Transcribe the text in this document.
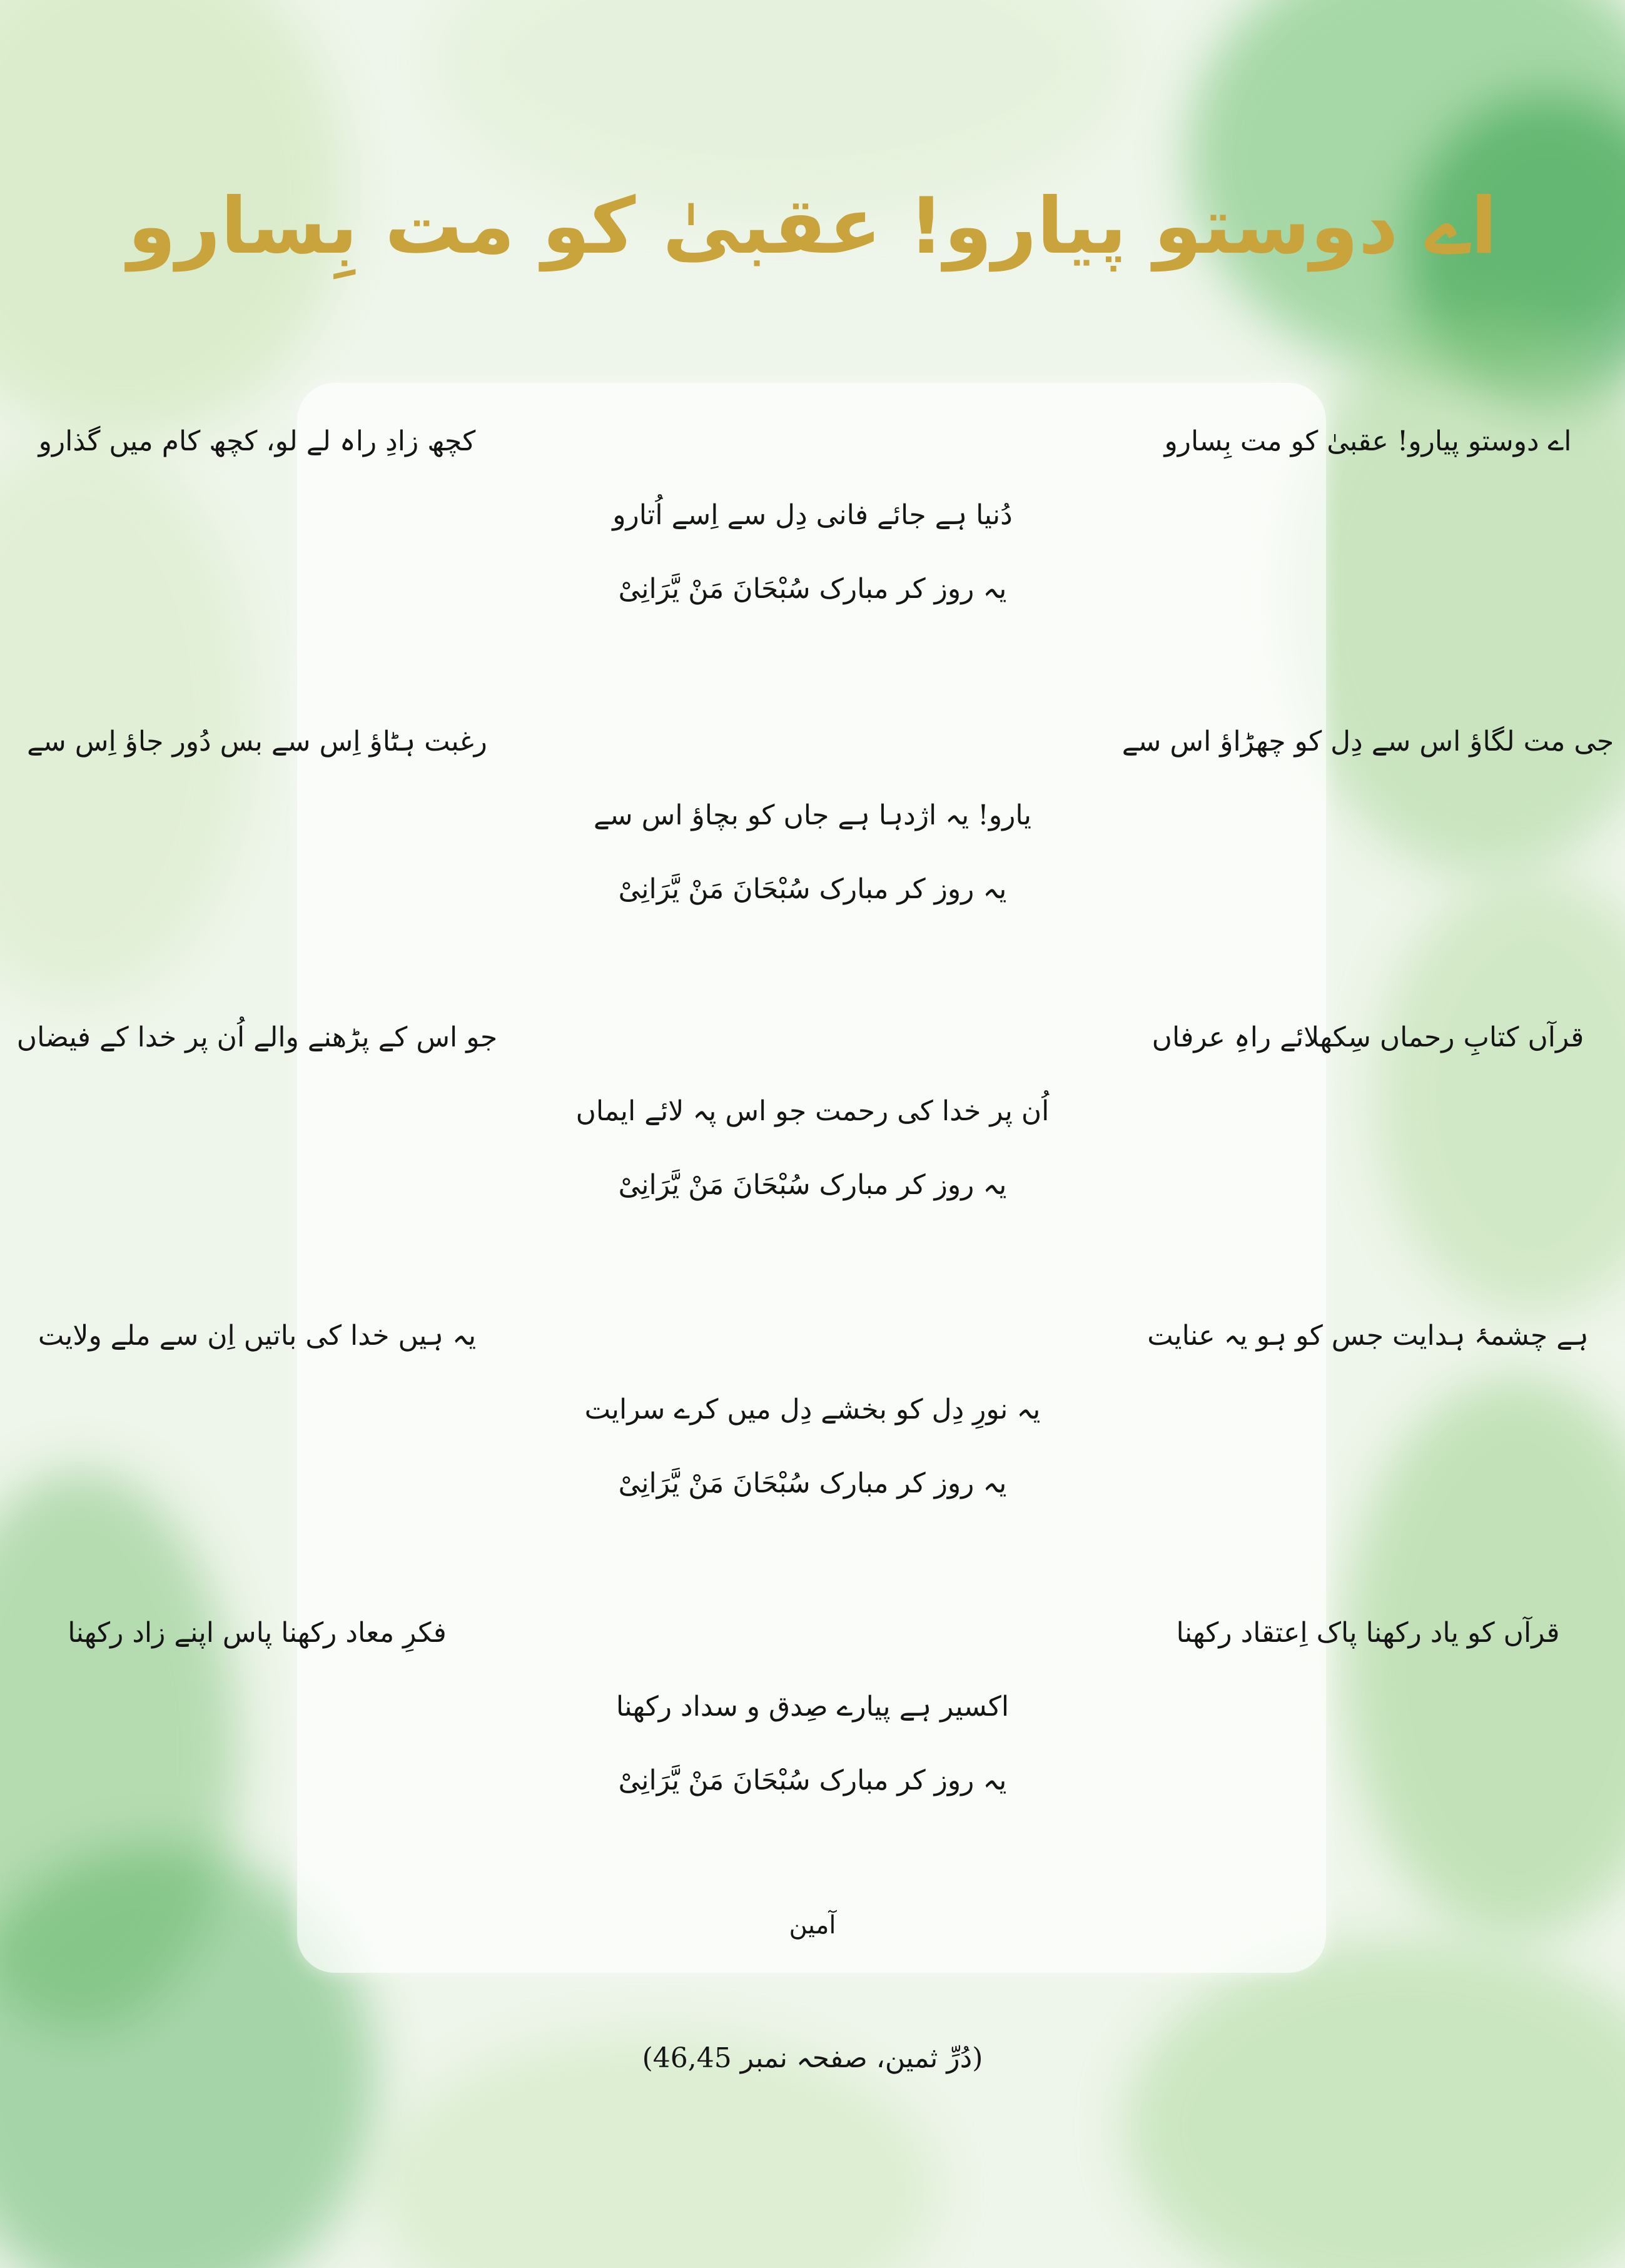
اے دوستو پیارو! عقبیٰ کو مت بِسارو
اے دوستو پیارو! عقبیٰ کو مت بِسارو
کچھ زادِ راہ لے لو، کچھ کام میں گذارو
دُنیا ہے جائے فانی دِل سے اِسے اُتارو
یہ روز کر مبارک سُبْحَانَ مَنْ یَّرَانِیْ
جی مت لگاؤ اس سے دِل کو چھڑاؤ اس سے
رغبت ہٹاؤ اِس سے بس دُور جاؤ اِس سے
یارو! یہ اژدہا ہے جاں کو بچاؤ اس سے
یہ روز کر مبارک سُبْحَانَ مَنْ یَّرَانِیْ
قرآں کتابِ رحماں سِکھلائے راہِ عرفاں
جو اس کے پڑھنے والے اُن پر خدا کے فیضاں
اُن پر خدا کی رحمت جو اس پہ لائے ایماں
یہ روز کر مبارک سُبْحَانَ مَنْ یَّرَانِیْ
ہے چشمۂ ہدایت جس کو ہو یہ عنایت
یہ ہیں خدا کی باتیں اِن سے ملے ولایت
یہ نورِ دِل کو بخشے دِل میں کرے سرایت
یہ روز کر مبارک سُبْحَانَ مَنْ یَّرَانِیْ
قرآں کو یاد رکھنا پاک اِعتقاد رکھنا
فکرِ معاد رکھنا پاس اپنے زاد رکھنا
اکسیر ہے پیارے صِدق و سداد رکھنا
یہ روز کر مبارک سُبْحَانَ مَنْ یَّرَانِیْ
آمین
(دُرِّ ثمین، صفحہ نمبر 46,45)
